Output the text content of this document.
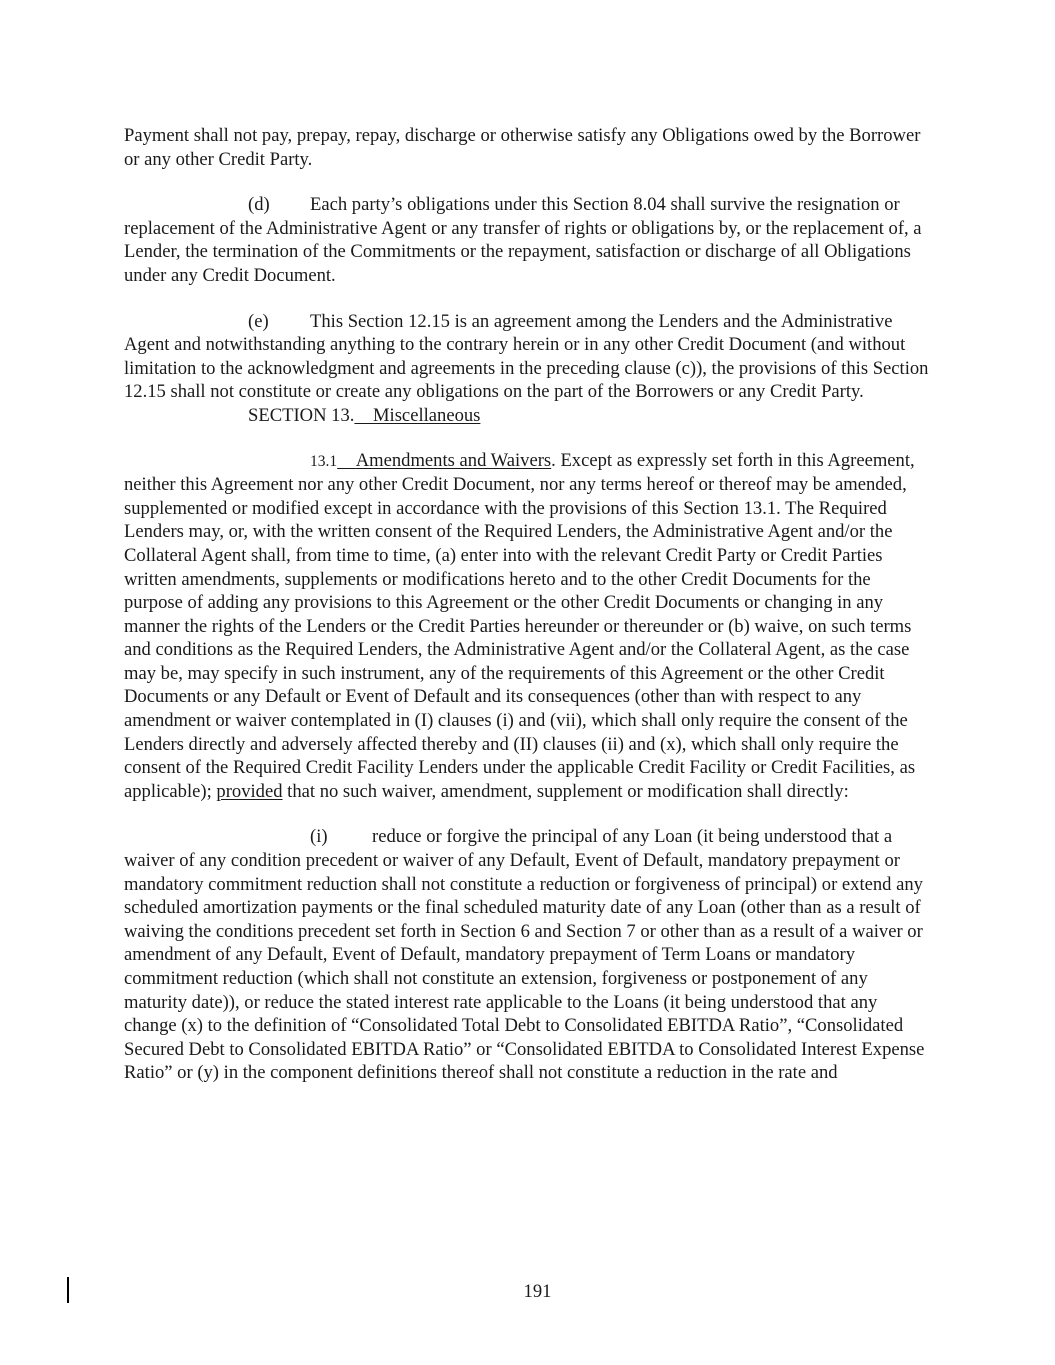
Payment shall not pay, prepay, repay, discharge or otherwise satisfy any Obligations owed by the Borrower or any other Credit Party.

(d) Each party’s obligations under this Section 8.04 shall survive the resignation or replacement of the Administrative Agent or any transfer of rights or obligations by, or the replacement of, a Lender, the termination of the Commitments or the repayment, satisfaction or discharge of all Obligations under any Credit Document.

(e) This Section 12.15 is an agreement among the Lenders and the Administrative Agent and notwithstanding anything to the contrary herein or in any other Credit Document (and without limitation to the acknowledgment and agreements in the preceding clause (c)), the provisions of this Section 12.15 shall not constitute or create any obligations on the part of the Borrowers or any Credit Party.

SECTION 13. Miscellaneous

13.1 Amendments and Waivers. Except as expressly set forth in this Agreement, neither this Agreement nor any other Credit Document, nor any terms hereof or thereof may be amended, supplemented or modified except in accordance with the provisions of this Section 13.1. The Required Lenders may, or, with the written consent of the Required Lenders, the Administrative Agent and/or the Collateral Agent shall, from time to time, (a) enter into with the relevant Credit Party or Credit Parties written amendments, supplements or modifications hereto and to the other Credit Documents for the purpose of adding any provisions to this Agreement or the other Credit Documents or changing in any manner the rights of the Lenders or the Credit Parties hereunder or thereunder or (b) waive, on such terms and conditions as the Required Lenders, the Administrative Agent and/or the Collateral Agent, as the case may be, may specify in such instrument, any of the requirements of this Agreement or the other Credit Documents or any Default or Event of Default and its consequences (other than with respect to any amendment or waiver contemplated in (I) clauses (i) and (vii), which shall only require the consent of the Lenders directly and adversely affected thereby and (II) clauses (ii) and (x), which shall only require the consent of the Required Credit Facility Lenders under the applicable Credit Facility or Credit Facilities, as applicable); provided that no such waiver, amendment, supplement or modification shall directly:

(i) reduce or forgive the principal of any Loan (it being understood that a waiver of any condition precedent or waiver of any Default, Event of Default, mandatory prepayment or mandatory commitment reduction shall not constitute a reduction or forgiveness of principal) or extend any scheduled amortization payments or the final scheduled maturity date of any Loan (other than as a result of waiving the conditions precedent set forth in Section 6 and Section 7 or other than as a result of a waiver or amendment of any Default, Event of Default, mandatory prepayment of Term Loans or mandatory commitment reduction (which shall not constitute an extension, forgiveness or postponement of any maturity date)), or reduce the stated interest rate applicable to the Loans (it being understood that any change (x) to the definition of “Consolidated Total Debt to Consolidated EBITDA Ratio”, “Consolidated Secured Debt to Consolidated EBITDA Ratio” or “Consolidated EBITDA to Consolidated Interest Expense Ratio” or (y) in the component definitions thereof shall not constitute a reduction in the rate and

191
